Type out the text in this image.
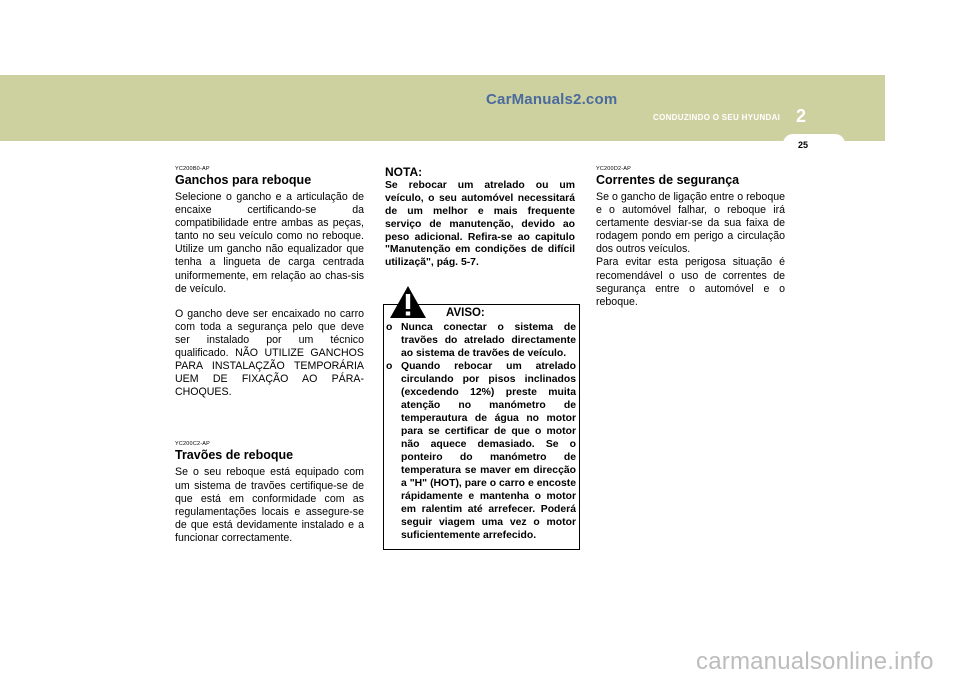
CarManuals2.com
CONDUZINDO O SEU HYUNDAI 2
25
YC200B0-AP
Ganchos para reboque

Selecione o gancho e a articulação de encaixe certificando-se da compatibilidade entre ambas as peças, tanto no seu veículo como no reboque. Utilize um gancho não equalizador que tenha a lingueta de carga centrada uniformemente, em relação ao chas-sis de veículo.

O gancho deve ser encaixado no carro com toda a segurança pelo que deve ser instalado por um técnico qualificado. NÃO UTILIZE GANCHOS PARA INSTALAÇZÃO TEMPORÁRIA UEM DE FIXAÇÃO AO PÁRA-CHOQUES.

YC200C2-AP
Travões de reboque

Se o seu reboque está equipado com um sistema de travões certifique-se de que está em conformidade com as regulamentações locais e assegure-se de que está devidamente instalado e a funcionar correctamente.

NOTA:
Se rebocar um atrelado ou um veículo, o seu automóvel necessitará de um melhor e mais frequente serviço de manutenção, devido ao peso adicional. Refira-se ao capitulo "Manutenção em condições de difícil utilizaçã", pág. 5-7.
AVISO:
o Nunca conectar o sistema de travões do atrelado directamente ao sistema de travões de veículo.
o Quando rebocar um atrelado circulando por pisos inclinados (excedendo 12%) preste muita atenção no manómetro de temperautura de água no motor para se certificar de que o motor não aquece demasiado. Se o ponteiro do manómetro de temperatura se maver em direcção a "H" (HOT), pare o carro e encoste rápidamente e mantenha o motor em ralentim até arrefecer. Poderá seguir viagem uma vez o motor suficientemente arrefecido.
YC200D2-AP
Correntes de segurança
Se o gancho de ligação entre o reboque e o automóvel falhar, o reboque irá certamente desviar-se da sua faixa de rodagem pondo em perigo a circulação dos outros veículos.
Para evitar esta perigosa situação é recomendável o uso de correntes de segurança entre o automóvel e o reboque.
carmanualsonline.info
